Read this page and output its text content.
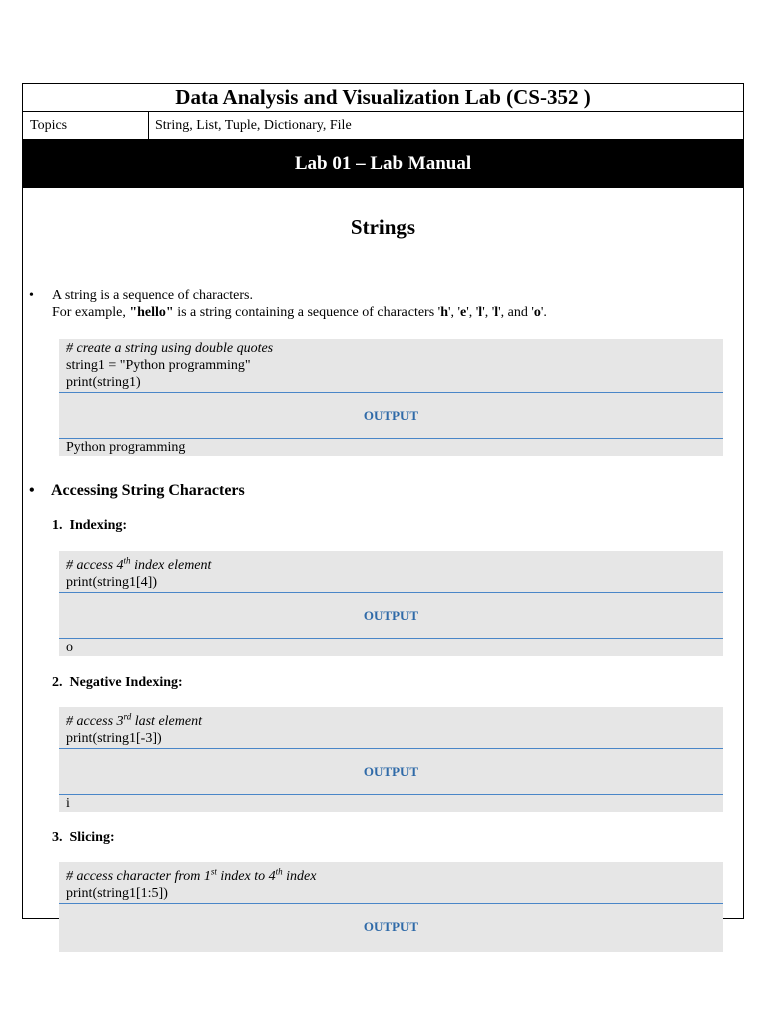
Data Analysis and Visualization Lab (CS-352 )
Topics	String, List, Tuple, Dictionary, File
Lab 01 – Lab Manual
Strings
• A string is a sequence of characters.
For example, "hello" is a string containing a sequence of characters 'h', 'e', 'l', 'l', and 'o'.
# create a string using double quotes
string1 = "Python programming"
print(string1)
OUTPUT
Python programming
• Accessing String Characters
1. Indexing:
# access 4th index element
print(string1[4])
OUTPUT
o
2. Negative Indexing:
# access 3rd last element
print(string1[-3])
OUTPUT
i
3. Slicing:
# access character from 1st index to 4th index
print(string1[1:5])
OUTPUT
